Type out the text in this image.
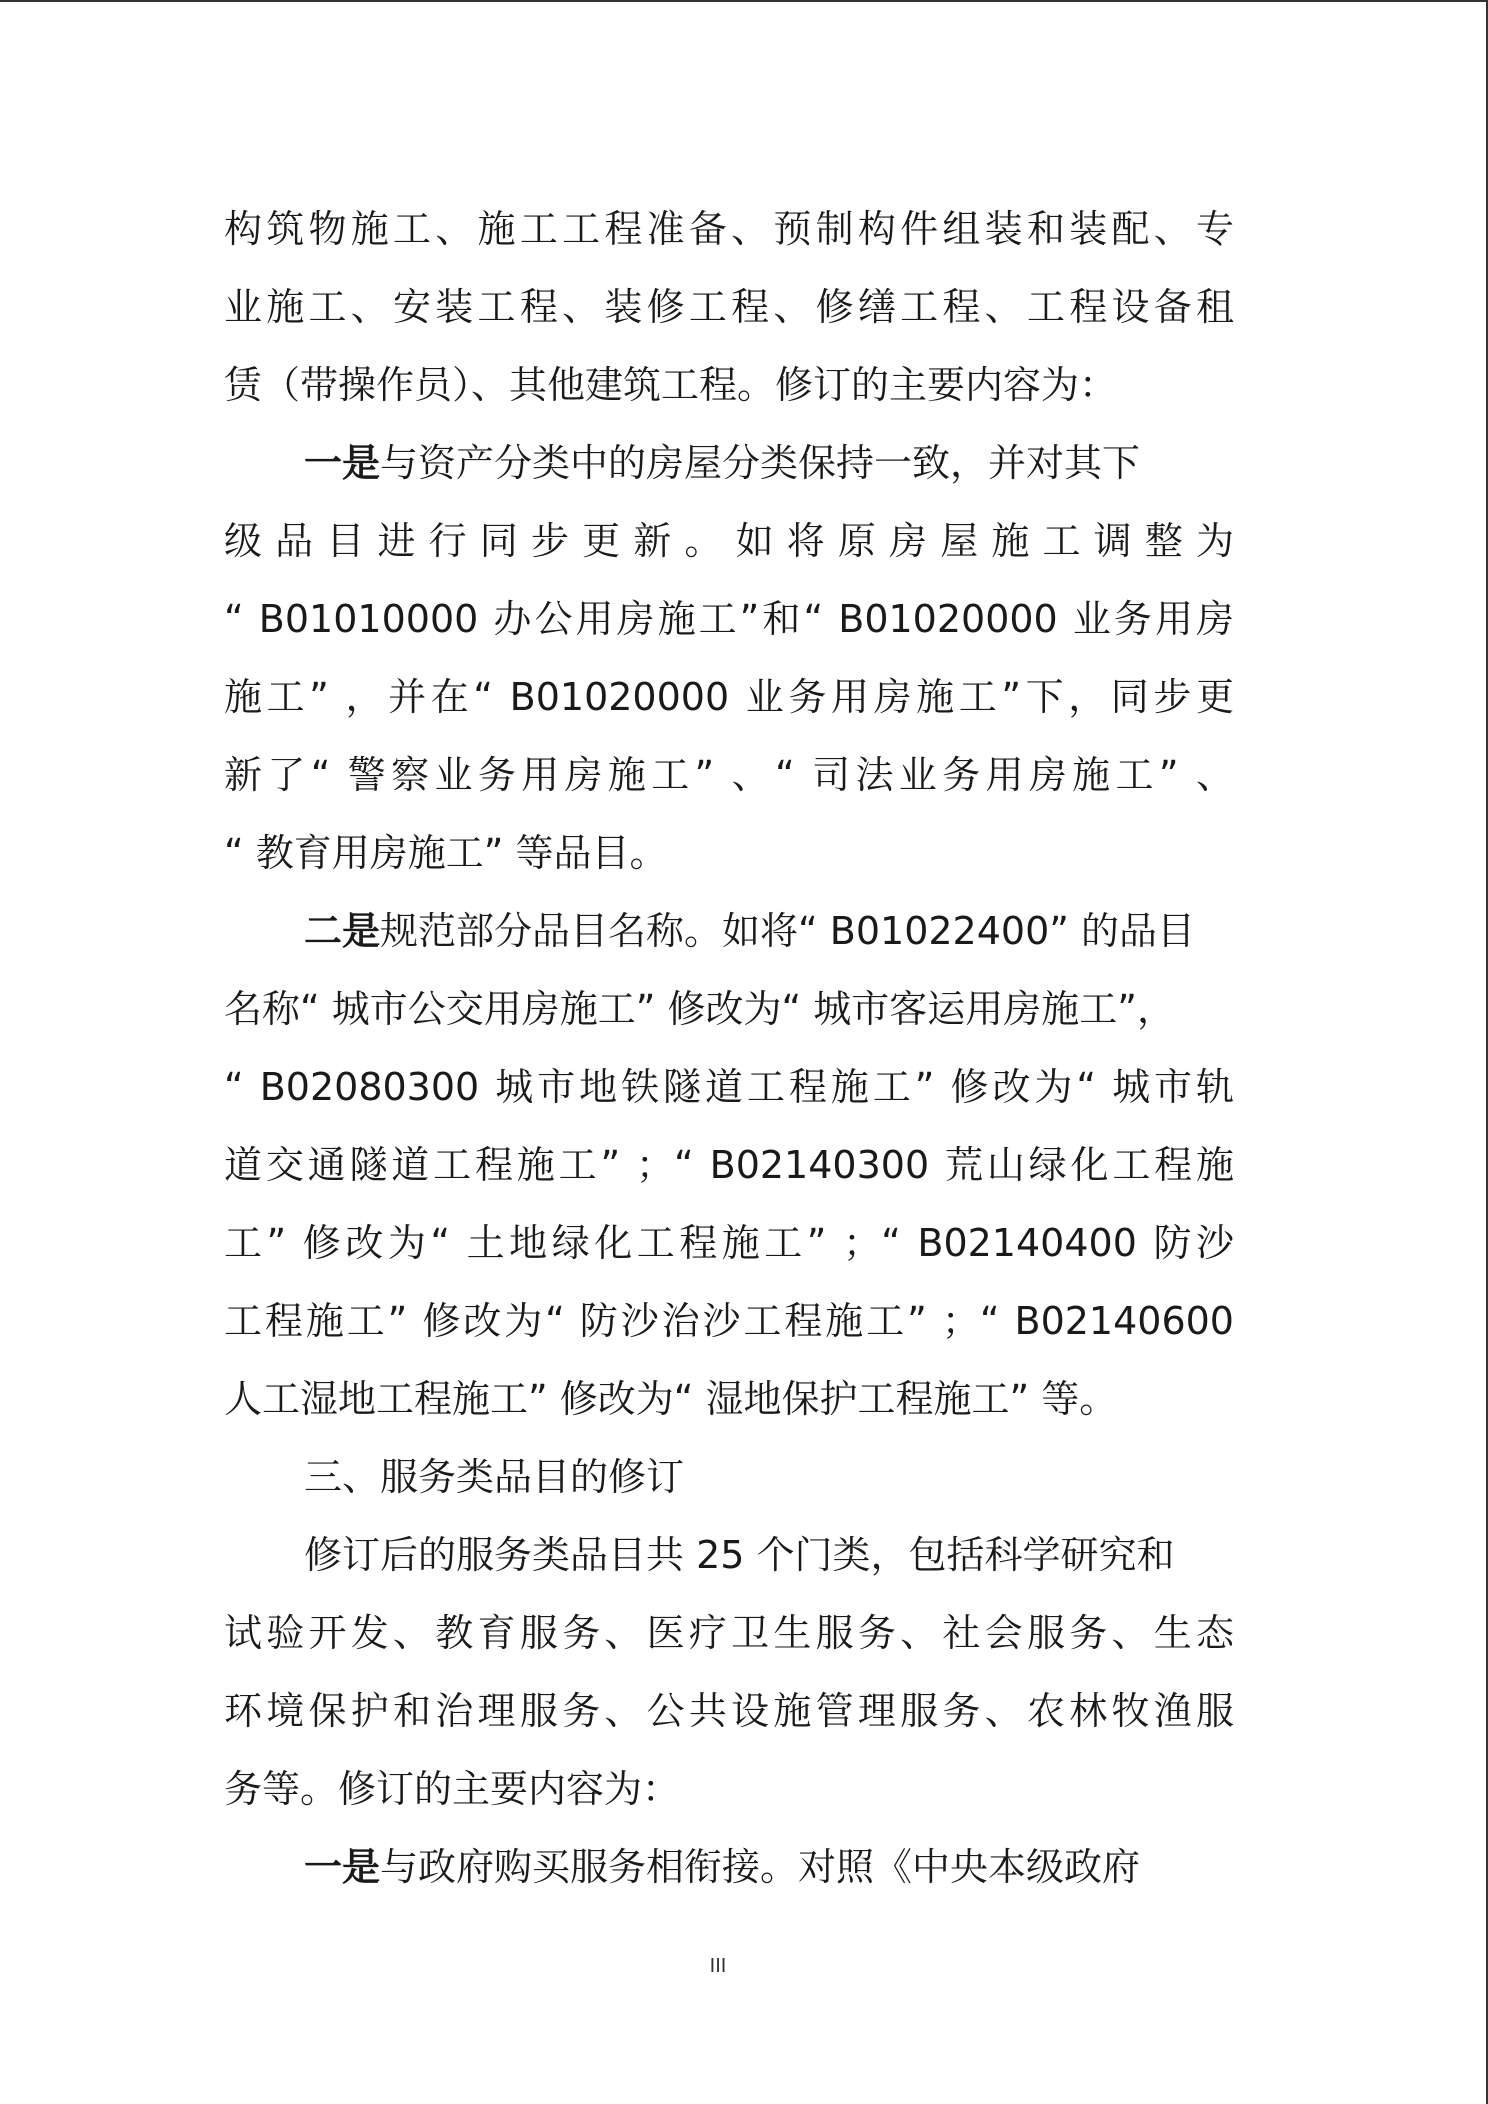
构筑物施工、施工工程准备、预制构件组装和装配、专
业施工、安装工程、装修工程、修缮工程、工程设备租
赁（带操作员）、其他建筑工程。修订的主要内容为：
一是与资产分类中的房屋分类保持一致，并对其下
级品目进行同步更新。如将原房屋施工调整为
“ B01010000 办公用房施工”和“ B01020000 业务用房
施工” ，并在“ B01020000 业务用房施工”下，同步更
新了“ 警察业务用房施工” 、“ 司法业务用房施工” 、
“ 教育用房施工” 等品目。
二是规范部分品目名称。如将“ B01022400” 的品目
名称“ 城市公交用房施工” 修改为“ 城市客运用房施工”，
“ B02080300 城市地铁隧道工程施工” 修改为“ 城市轨
道交通隧道工程施工” ；“ B02140300 荒山绿化工程施
工” 修改为“ 土地绿化工程施工” ；“ B02140400 防沙
工程施工” 修改为“ 防沙治沙工程施工” ；“ B02140600
人工湿地工程施工” 修改为“ 湿地保护工程施工” 等。
三、服务类品目的修订
修订后的服务类品目共 25 个门类，包括科学研究和
试验开发、教育服务、医疗卫生服务、社会服务、生态
环境保护和治理服务、公共设施管理服务、农林牧渔服
务等。修订的主要内容为：
一是与政府购买服务相衔接。对照《中央本级政府
III
